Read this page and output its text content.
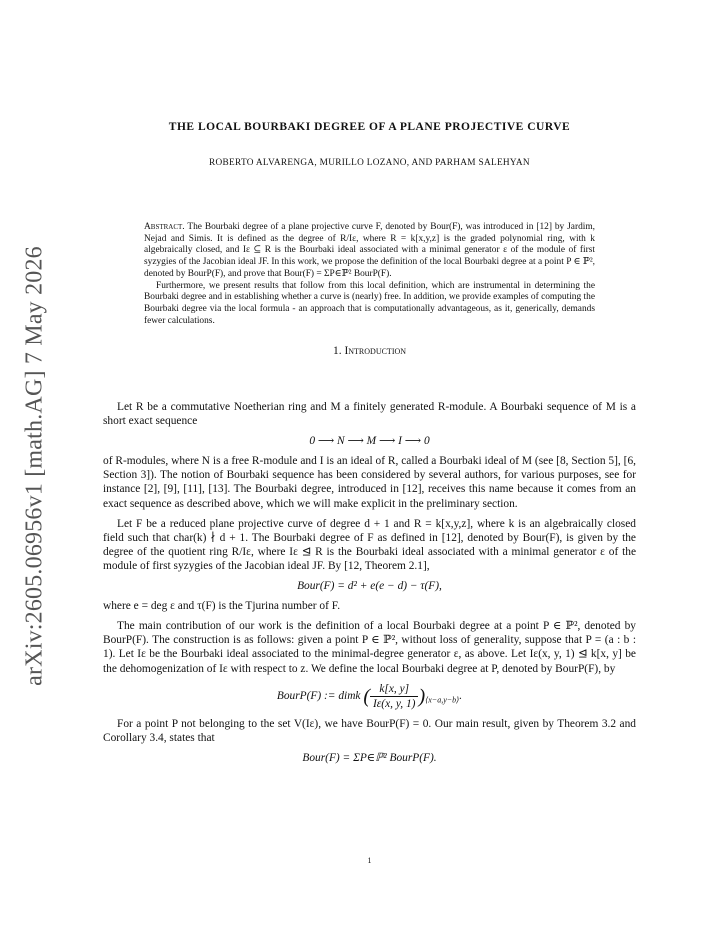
arXiv:2605.06956v1 [math.AG] 7 May 2026
THE LOCAL BOURBAKI DEGREE OF A PLANE PROJECTIVE CURVE
ROBERTO ALVARENGA, MURILLO LOZANO, AND PARHAM SALEHYAN

Abstract. The Bourbaki degree of a plane projective curve F, denoted by Bour(F), was introduced in [12] by Jardim, Nejad and Simis. It is defined as the degree of R/Iε, where R = k[x,y,z] is the graded polynomial ring, with k algebraically closed, and Iε ⊆ R is the Bourbaki ideal associated with a minimal generator ε of the module of first syzygies of the Jacobian ideal JF. In this work, we propose the definition of the local Bourbaki degree at a point P ∈ ℙ², denoted by BourP(F), and prove that Bour(F) = ΣP∈ℙ² BourP(F).

Furthermore, we present results that follow from this local definition, which are instrumental in determining the Bourbaki degree and in establishing whether a curve is (nearly) free. In addition, we provide examples of computing the Bourbaki degree via the local formula - an approach that is computationally advantageous, as it, generically, demands fewer calculations.

1. Introduction

Let R be a commutative Noetherian ring and M a finitely generated R-module. A Bourbaki sequence of M is a short exact sequence

0 ⟶ N ⟶ M ⟶ I ⟶ 0

of R-modules, where N is a free R-module and I is an ideal of R, called a Bourbaki ideal of M (see [8, Section 5], [6, Section 3]). The notion of Bourbaki sequence has been considered by several authors, for various purposes, see for instance [2], [9], [11], [13]. The Bourbaki degree, introduced in [12], receives this name because it comes from an exact sequence as described above, which we will make explicit in the preliminary section.

Let F be a reduced plane projective curve of degree d + 1 and R = k[x,y,z], where k is an algebraically closed field such that char(k) ∤ d + 1. The Bourbaki degree of F as defined in [12], denoted by Bour(F), is given by the degree of the quotient ring R/Iε, where Iε ⊴ R is the Bourbaki ideal associated with a minimal generator ε of the module of first syzygies of the Jacobian ideal JF. By [12, Theorem 2.1],

Bour(F) = d² + e(e − d) − τ(F),

where e = deg ε and τ(F) is the Tjurina number of F.

The main contribution of our work is the definition of a local Bourbaki degree at a point P ∈ ℙ², denoted by BourP(F). The construction is as follows: given a point P ∈ ℙ², without loss of generality, suppose that P = (a : b : 1). Let Iε be the Bourbaki ideal associated to the minimal-degree generator ε, as above. Let Iε(x, y, 1) ⊴ k[x, y] be the dehomogenization of Iε with respect to z. We define the local Bourbaki degree at P, denoted by BourP(F), by

BourP(F) := dimk ( $\frac{k[x, y]}{I\varepsilon(x, y, 1)} )_{⟨x-a,y-b⟩}$.

For a point P not belonging to the set V(Iε), we have BourP(F) = 0. Our main result, given by Theorem 3.2 and Corollary 3.4, states that

Bour(F) = ΣP∈ℙ² BourP(F).
1
